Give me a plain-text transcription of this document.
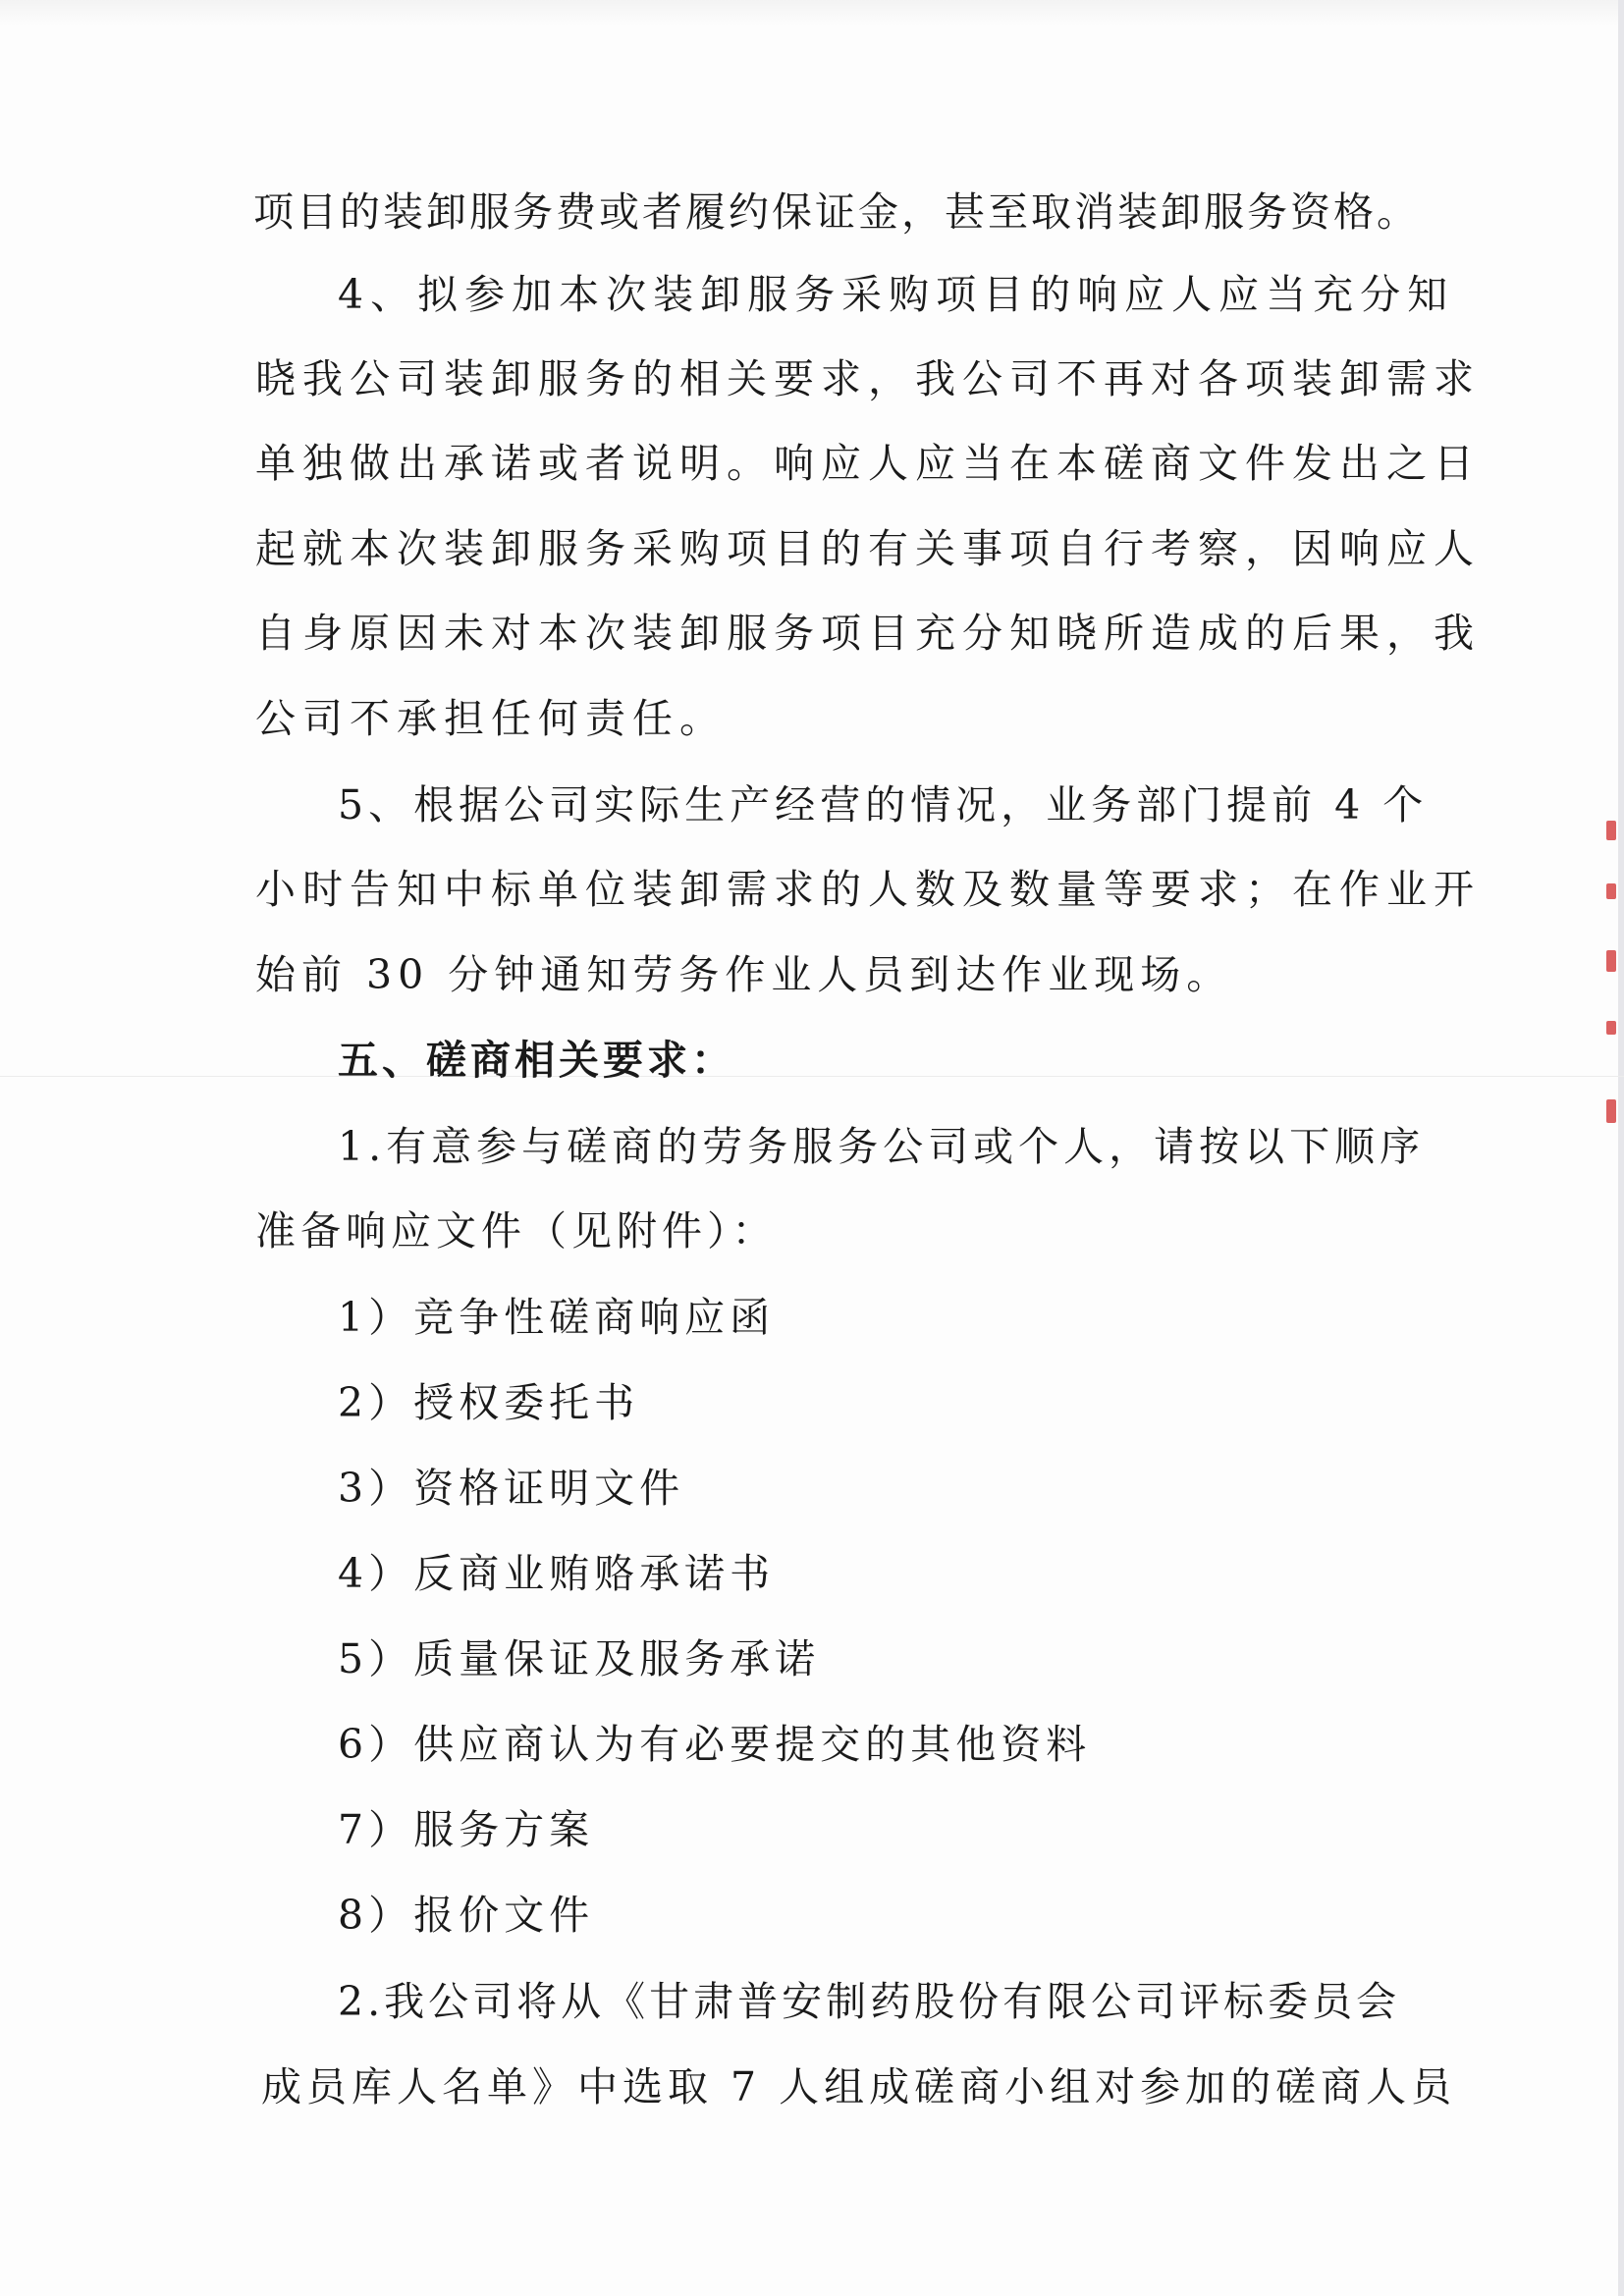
项目的装卸服务费或者履约保证金，甚至取消装卸服务资格。
4、拟参加本次装卸服务采购项目的响应人应当充分知
晓我公司装卸服务的相关要求，我公司不再对各项装卸需求
单独做出承诺或者说明。响应人应当在本磋商文件发出之日
起就本次装卸服务采购项目的有关事项自行考察，因响应人
自身原因未对本次装卸服务项目充分知晓所造成的后果，我
公司不承担任何责任。
5、根据公司实际生产经营的情况，业务部门提前 4 个
小时告知中标单位装卸需求的人数及数量等要求；在作业开
始前 30 分钟通知劳务作业人员到达作业现场。
五、磋商相关要求：
1.有意参与磋商的劳务服务公司或个人，请按以下顺序
准备响应文件（见附件）：
1）竞争性磋商响应函
2）授权委托书
3）资格证明文件
4）反商业贿赂承诺书
5）质量保证及服务承诺
6）供应商认为有必要提交的其他资料
7）服务方案
8）报价文件
2.我公司将从《甘肃普安制药股份有限公司评标委员会
成员库人名单》中选取 7 人组成磋商小组对参加的磋商人员
